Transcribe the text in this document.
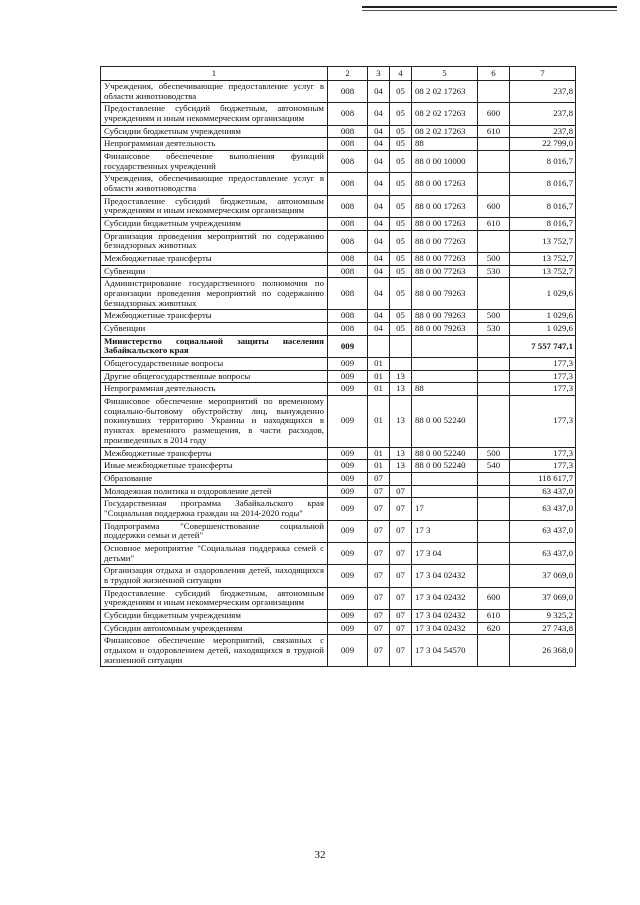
1	2	3	4	5	6	7
Учреждения, обеспечивающие предоставление услуг в области животноводства	008	04	05	08 2 02 17263		237,8
Предоставление субсидий бюджетным, автономным учреждениям и иным некоммерческим организациям	008	04	05	08 2 02 17263	600	237,8
Субсидии бюджетным учреждениям	008	04	05	08 2 02 17263	610	237,8
Непрограммная деятельность	008	04	05	88		22 799,0
Финансовое обеспечение выполнения функций государственных учреждений	008	04	05	88 0 00 10000		8 016,7
Учреждения, обеспечивающие предоставление услуг в области животноводства	008	04	05	88 0 00 17263		8 016,7
Предоставление субсидий бюджетным, автономным учреждениям и иным некоммерческим организациям	008	04	05	88 0 00 17263	600	8 016,7
Субсидии бюджетным учреждениям	008	04	05	88 0 00 17263	610	8 016,7
Организация проведения мероприятий по содержанию безнадзорных животных	008	04	05	88 0 00 77263		13 752,7
Межбюджетные трансферты	008	04	05	88 0 00 77263	500	13 752,7
Субвенции	008	04	05	88 0 00 77263	530	13 752,7
Администрирование государственного полномочия по организации проведения мероприятий по содержанию безнадзорных животных	008	04	05	88 0 00 79263		1 029,6
Межбюджетные трансферты	008	04	05	88 0 00 79263	500	1 029,6
Субвенции	008	04	05	88 0 00 79263	530	1 029,6
Министерство социальной защиты населения Забайкальского края	009					7 557 747,1
Общегосударственные вопросы	009	01				177,3
Другие общегосударственные вопросы	009	01	13			177,3
Непрограммная деятельность	009	01	13	88		177,3
Финансовое обеспечение мероприятий по временному социально-бытовому обустройству лиц, вынужденно покинувших территорию Украины и находящихся в пунктах временного размещения, в части расходов, произведенных в 2014 году	009	01	13	88 0 00 52240		177,3
Межбюджетные трансферты	009	01	13	88 0 00 52240	500	177,3
Иные межбюджетные трансферты	009	01	13	88 0 00 52240	540	177,3
Образование	009	07				118 617,7
Молодежная политика и оздоровление детей	009	07	07			63 437,0
Государственная программа Забайкальского края "Социальная поддержка граждан на 2014-2020 годы"	009	07	07	17		63 437,0
Подпрограмма "Совершенствование социальной поддержки семьи и детей"	009	07	07	17 3		63 437,0
Основное мероприятие "Социальная поддержка семей с детьми"	009	07	07	17 3 04		63 437,0
Организация отдыха и оздоровления детей, находящихся в трудной жизненной ситуации	009	07	07	17 3 04 02432		37 069,0
Предоставление субсидий бюджетным, автономным учреждениям и иным некоммерческим организациям	009	07	07	17 3 04 02432	600	37 069,0
Субсидии бюджетным учреждениям	009	07	07	17 3 04 02432	610	9 325,2
Субсидии автономным учреждениям	009	07	07	17 3 04 02432	620	27 743,8
Финансовое обеспечение мероприятий, связанных с отдыхом и оздоровлением детей, находящихся в трудной жизненной ситуации	009	07	07	17 3 04 54570		26 368,0
32
